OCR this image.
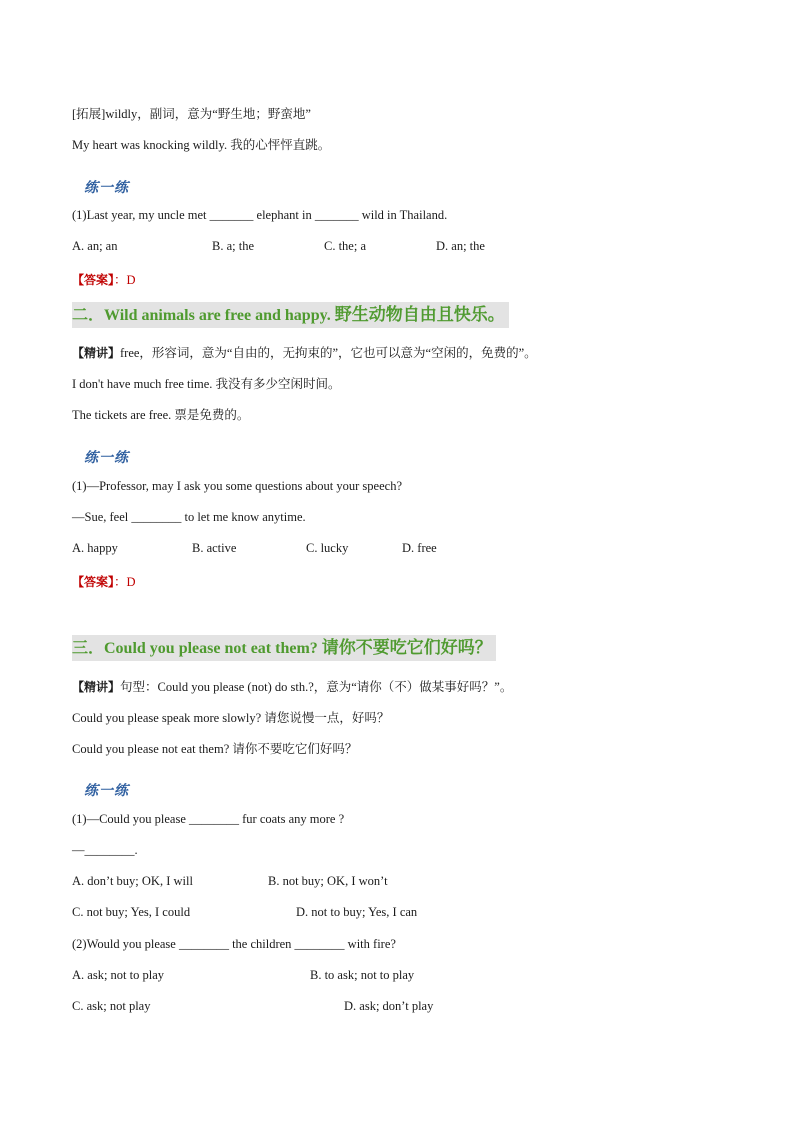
[拓展]wildly，副词，意为“野生地；野蛮地”
My heart was knocking wildly. 我的心怦怦直跳。
练一练
(1)Last year, my uncle met _______ elephant in _______ wild in Thailand.
A. an; an	B. a; the	C. the; a	D. an; the
【答案】：D
二．Wild animals are free and happy. 野生动物自由且快乐。
【精讲】free，形容词，意为“自由的，无拘束的”，它也可以意为“空闲的，免费的”。
I don't have much free time. 我没有多少空闲时间。
The tickets are free. 票是免费的。
练一练
(1)—Professor, may I ask you some questions about your speech?
—Sue, feel ________ to let me know anytime.
A. happy	B. active	C. lucky	D. free
【答案】：D
三．Could you please not eat them? 请你不要吃它们好吗？
【精讲】句型：Could you please (not) do sth.?，意为“请你（不）做某事好吗？”。
Could you please speak more slowly? 请您说慢一点，好吗？
Could you please not eat them? 请你不要吃它们好吗？
练一练
(1)—Could you please ________ fur coats any more ?
—________.
A. don’t buy; OK, I will	B. not buy; OK, I won’t
C. not buy; Yes, I could	D. not to buy; Yes, I can
(2)Would you please ________ the children ________ with fire?
A. ask; not to play	B. to ask; not to play
C. ask; not play	D. ask; don’t play
